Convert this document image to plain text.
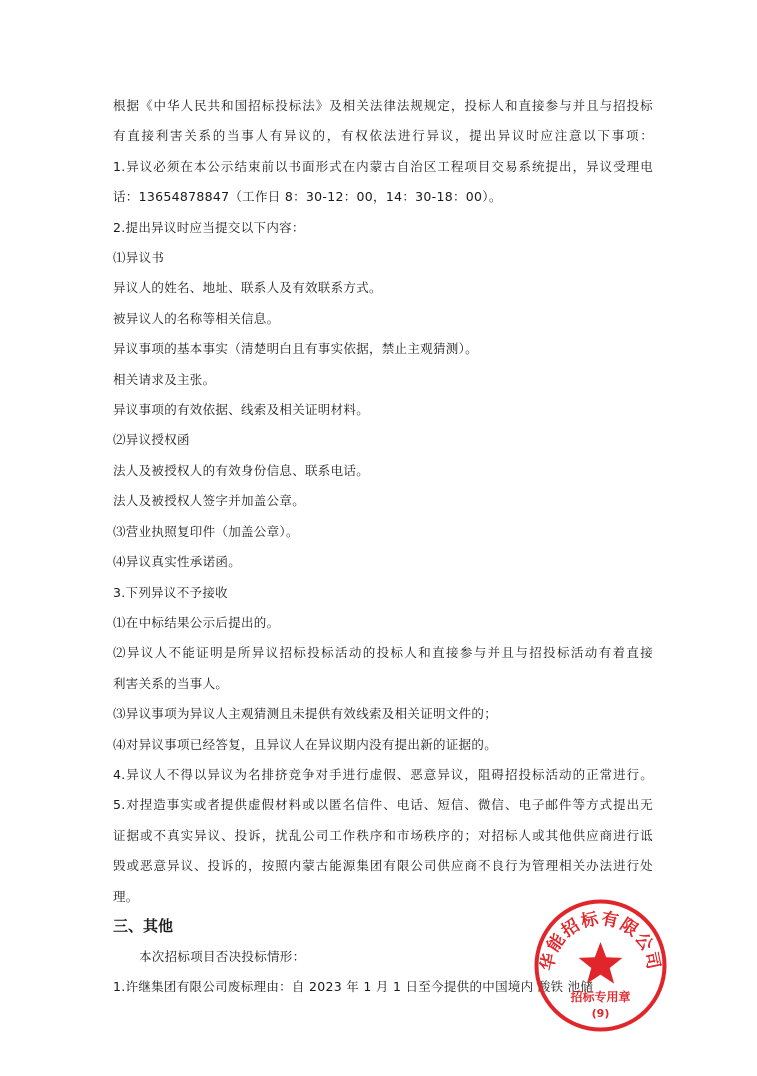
根据《中华人民共和国招标投标法》及相关法律法规规定，投标人和直接参与并且与招投标
有直接利害关系的当事人有异议的，有权依法进行异议，提出异议时应注意以下事项：
1.异议必须在本公示结束前以书面形式在内蒙古自治区工程项目交易系统提出，异议受理电
话：13654878847（工作日 8：30-12：00，14：30-18：00）。
2.提出异议时应当提交以下内容：
⑴异议书
异议人的姓名、地址、联系人及有效联系方式。
被异议人的名称等相关信息。
异议事项的基本事实（清楚明白且有事实依据，禁止主观猜测）。
相关请求及主张。
异议事项的有效依据、线索及相关证明材料。
⑵异议授权函
法人及被授权人的有效身份信息、联系电话。
法人及被授权人签字并加盖公章。
⑶营业执照复印件（加盖公章）。
⑷异议真实性承诺函。
3.下列异议不予接收
⑴在中标结果公示后提出的。
⑵异议人不能证明是所异议招标投标活动的投标人和直接参与并且与招投标活动有着直接
利害关系的当事人。
⑶异议事项为异议人主观猜测且未提供有效线索及相关证明文件的；
⑷对异议事项已经答复，且异议人在异议期内没有提出新的证据的。
4.异议人不得以异议为名排挤竞争对手进行虚假、恶意异议，阻碍招投标活动的正常进行。
5.对捏造事实或者提供虚假材料或以匿名信件、电话、短信、微信、电子邮件等方式提出无
证据或不真实异议、投诉，扰乱公司工作秩序和市场秩序的；对招标人或其他供应商进行诋
毁或恶意异议、投诉的，按照内蒙古能源集团有限公司供应商不良行为管理相关办法进行处
理。
三、其他
本次招标项目否决投标情形：
1.许继集团有限公司废标理由：自 2023 年 1 月 1 日至今提供的中国境内 酸铁 池储
华能招标有限公司
招标专用章
(9)
